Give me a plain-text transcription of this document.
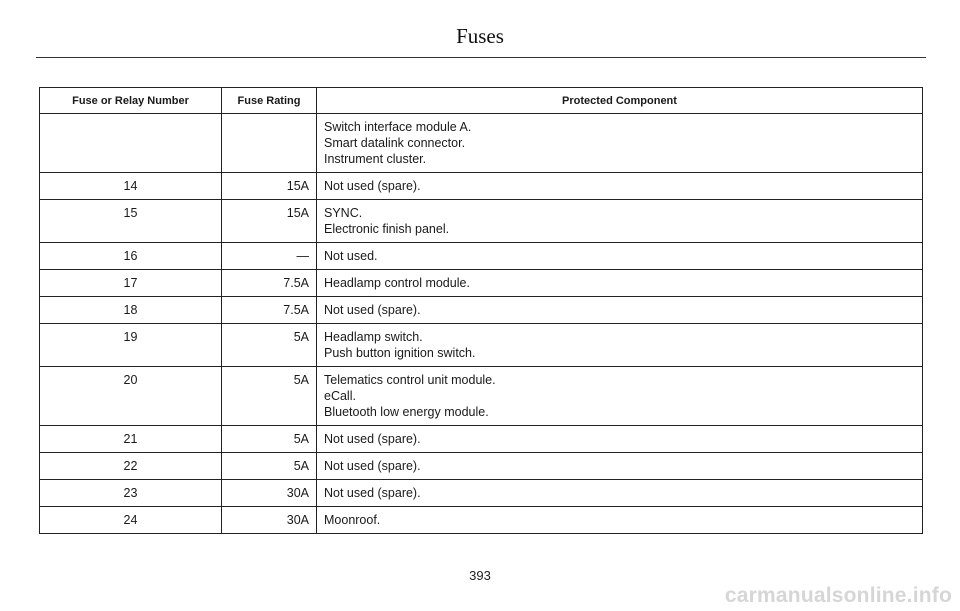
Fuses
Fuse or Relay Number	Fuse Rating	Protected Component

		Switch interface module A.
Smart datalink connector.
Instrument cluster.

14	15A	Not used (spare).

15	15A	SYNC.
Electronic finish panel.

16	—	Not used.

17	7.5A	Headlamp control module.

18	7.5A	Not used (spare).

19	5A	Headlamp switch.
Push button ignition switch.

20	5A	Telematics control unit module.
eCall.
Bluetooth low energy module.

21	5A	Not used (spare).

22	5A	Not used (spare).

23	30A	Not used (spare).

24	30A	Moonroof.
393
carmanualsonline.info
